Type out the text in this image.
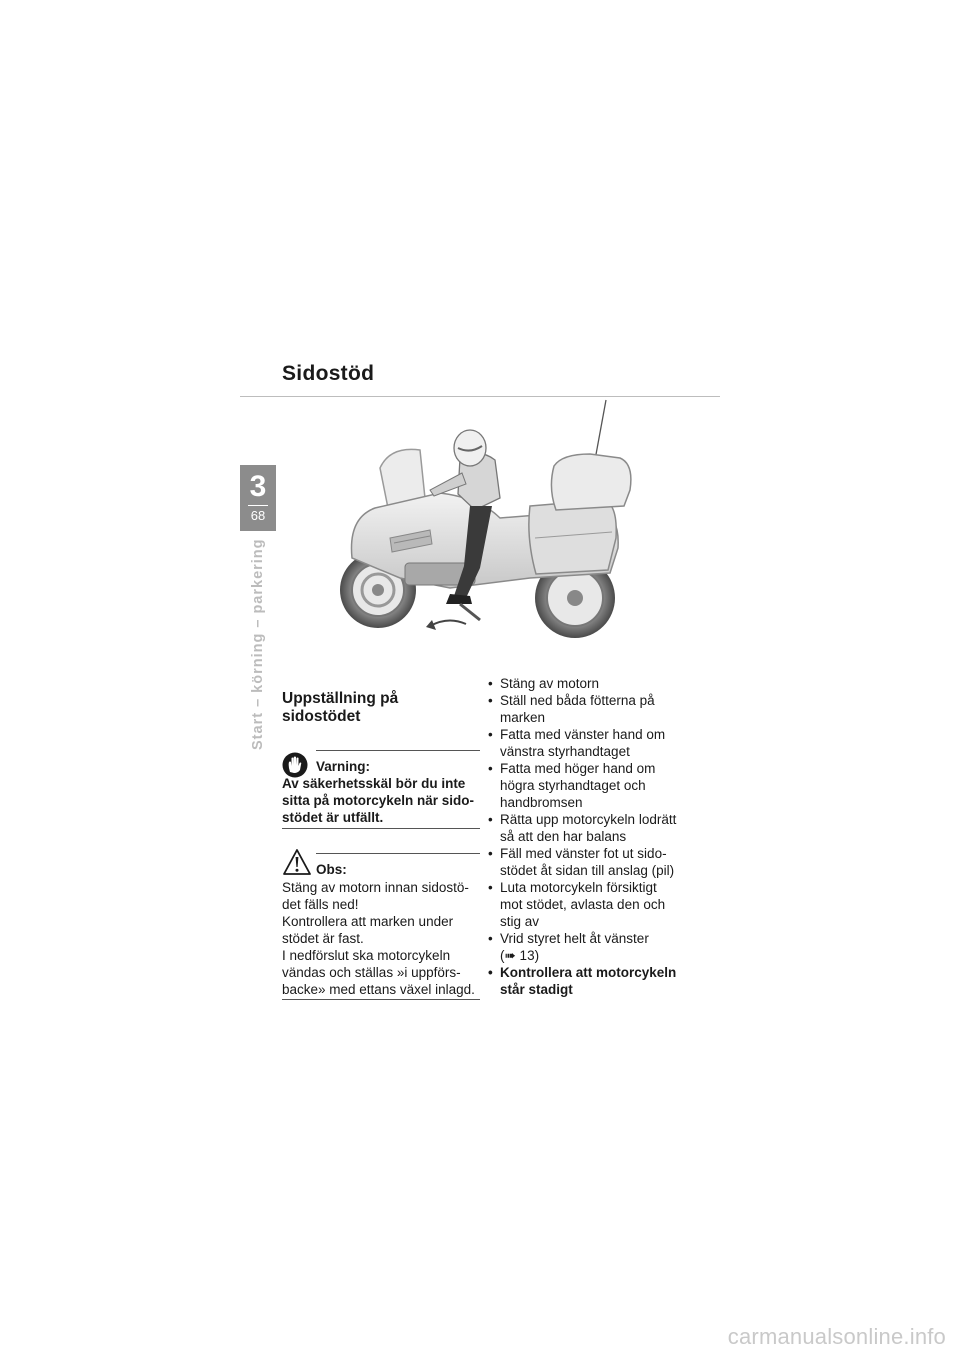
Sidostöd
3
68
Start – körning – parkering Uppställning på
sidostödet
Varning:
Av säkerhetsskäl bör du inte
sitta på motorcykeln när sido-
stödet är utfällt.
Obs:
Stäng av motorn innan sidostö-
det fälls ned!
Kontrollera att marken under
stödet är fast.
I nedförslut ska motorcykeln
vändas och ställas »i uppförs-
backe» med ettans växel inlagd.
• Stäng av motorn
• Ställ ned båda fötterna på
marken
• Fatta med vänster hand om
vänstra styrhandtaget
• Fatta med höger hand om
högra styrhandtaget och
handbromsen
• Rätta upp motorcykeln lodrätt
så att den har balans
• Fäll med vänster fot ut sido-
stödet åt sidan till anslag (pil)
• Luta motorcykeln försiktigt
mot stödet, avlasta den och
stig av
• Vrid styret helt åt vänster
(➠ 13)
• Kontrollera att motorcykeln
står stadigt
carmanualsonline.info
